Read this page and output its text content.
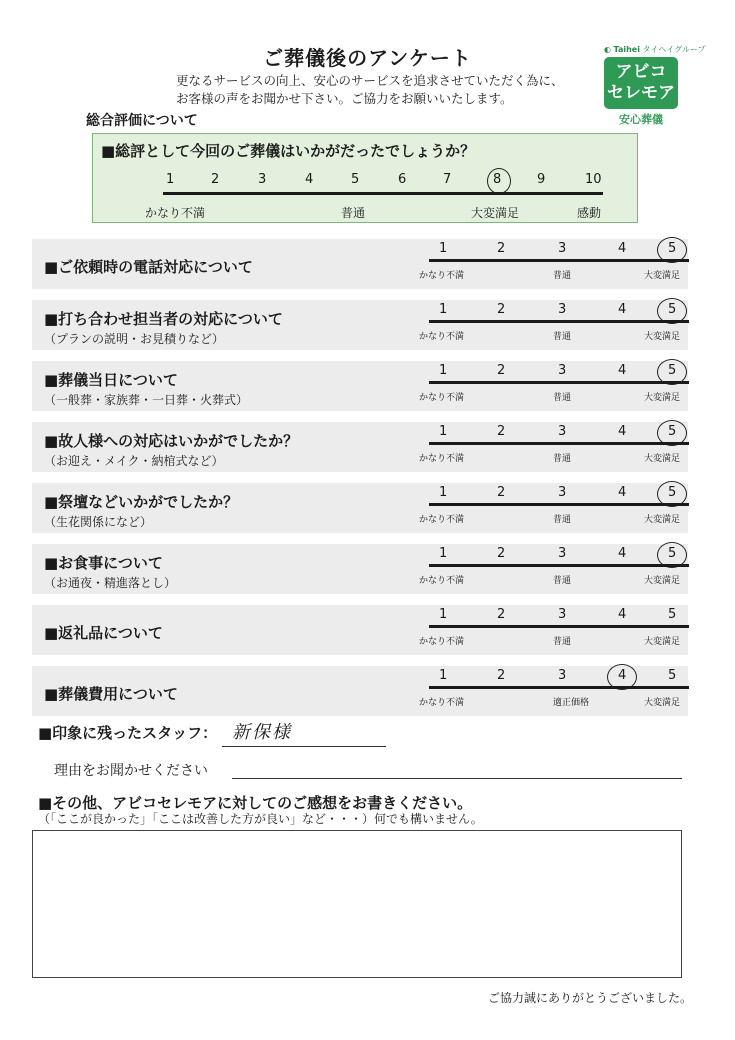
ご葬儀後のアンケート
更なるサービスの向上、安心のサービスを追求させていただく為に、
お客様の声をお聞かせ下さい。ご協力をお願いいたします。
◐ Taihei タイヘイグループ
アビコ
セレモア
安心葬儀
総合評価について
■総評として今回のご葬儀はいかがだったでしょうか？
1	2	3	4	5	6	7	8	9	10
かなり不満	普通	大変満足	感動
■ご依頼時の電話対応について
1	2	3	4	5
かなり不満	普通	大変満足
■打ち合わせ担当者の対応について
（プランの説明・お見積りなど）
1	2	3	4	5
かなり不満	普通	大変満足
■葬儀当日について
（一般葬・家族葬・一日葬・火葬式）
1	2	3	4	5
かなり不満	普通	大変満足
■故人様への対応はいかがでしたか？
（お迎え・メイク・納棺式など）
1	2	3	4	5
かなり不満	普通	大変満足
■祭壇などいかがでしたか？
（生花関係になど）
1	2	3	4	5
かなり不満	普通	大変満足
■お食事について
（お通夜・精進落とし）
1	2	3	4	5
かなり不満	普通	大変満足
■返礼品について
1	2	3	4	5
かなり不満	普通	大変満足
■葬儀費用について
1	2	3	4	5
かなり不満	適正価格	大変満足
■印象に残ったスタッフ： 新保様
理由をお聞かせください
■その他、アビコセレモアに対してのご感想をお書きください。
（「ここが良かった」「ここは改善した方が良い」など・・・）何でも構いません。
ご協力誠にありがとうございました。
